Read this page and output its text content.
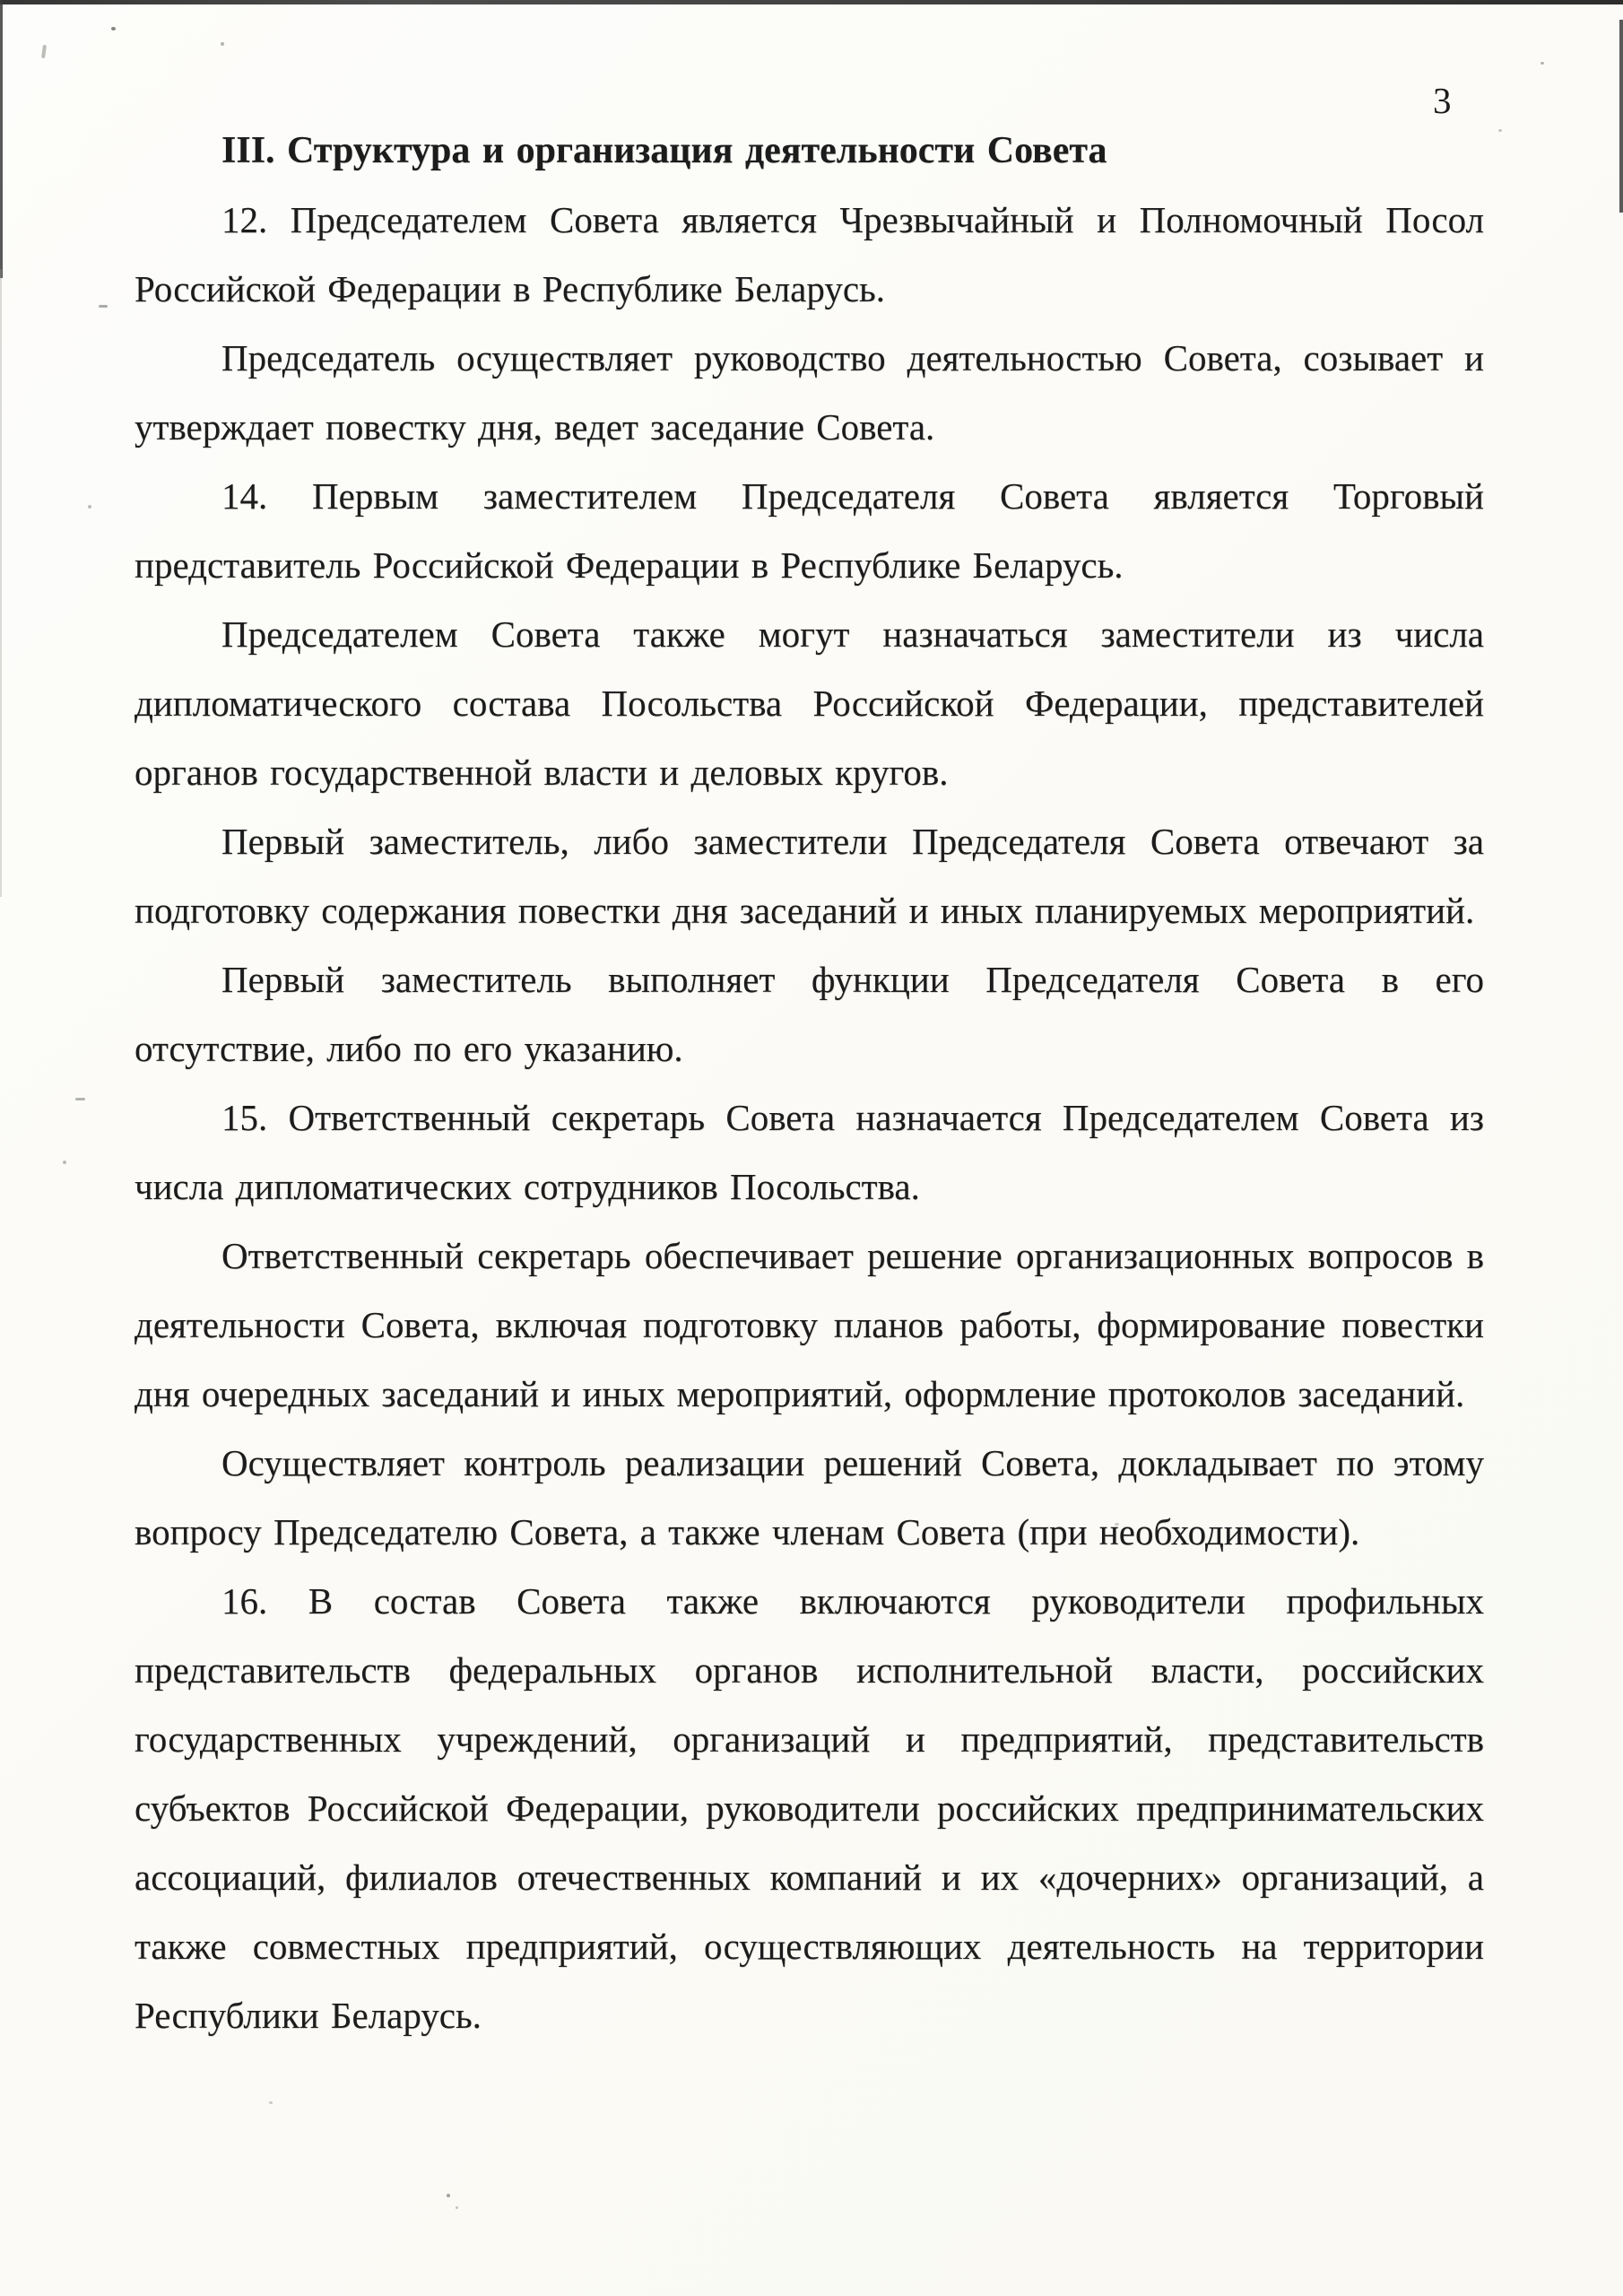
3
III. Структура и организация деятельности Совета

12. Председателем Совета является Чрезвычайный и Полномочный Посол Российской Федерации в Республике Беларусь.

Председатель осуществляет руководство деятельностью Совета, созывает и утверждает повестку дня, ведет заседание Совета.

14. Первым заместителем Председателя Совета является Торговый представитель Российской Федерации в Республике Беларусь.

Председателем Совета также могут назначаться заместители из числа дипломатического состава Посольства Российской Федерации, представителей органов государственной власти и деловых кругов.

Первый заместитель, либо заместители Председателя Совета отвечают за подготовку содержания повестки дня заседаний и иных планируемых мероприятий.

Первый заместитель выполняет функции Председателя Совета в его отсутствие, либо по его указанию.

15. Ответственный секретарь Совета назначается Председателем Совета из числа дипломатических сотрудников Посольства.

Ответственный секретарь обеспечивает решение организационных вопросов в деятельности Совета, включая подготовку планов работы, формирование повестки дня очередных заседаний и иных мероприятий, оформление протоколов заседаний.

Осуществляет контроль реализации решений Совета, докладывает по этому вопросу Председателю Совета, а также членам Совета (при необходимости).

16. В состав Совета также включаются руководители профильных представительств федеральных органов исполнительной власти, российских государственных учреждений, организаций и предприятий, представительств субъектов Российской Федерации, руководители российских предпринимательских ассоциаций, филиалов отечественных компаний и их «дочерних» организаций, а также совместных предприятий, осуществляющих деятельность на территории Республики Беларусь.
